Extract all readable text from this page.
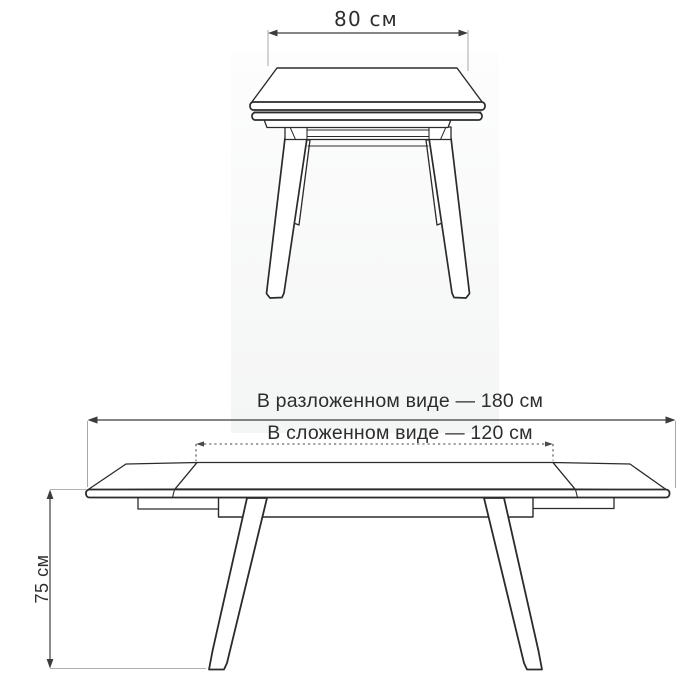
80 см
В разложенном виде — 180 см
В сложенном виде — 120 см
75 см
